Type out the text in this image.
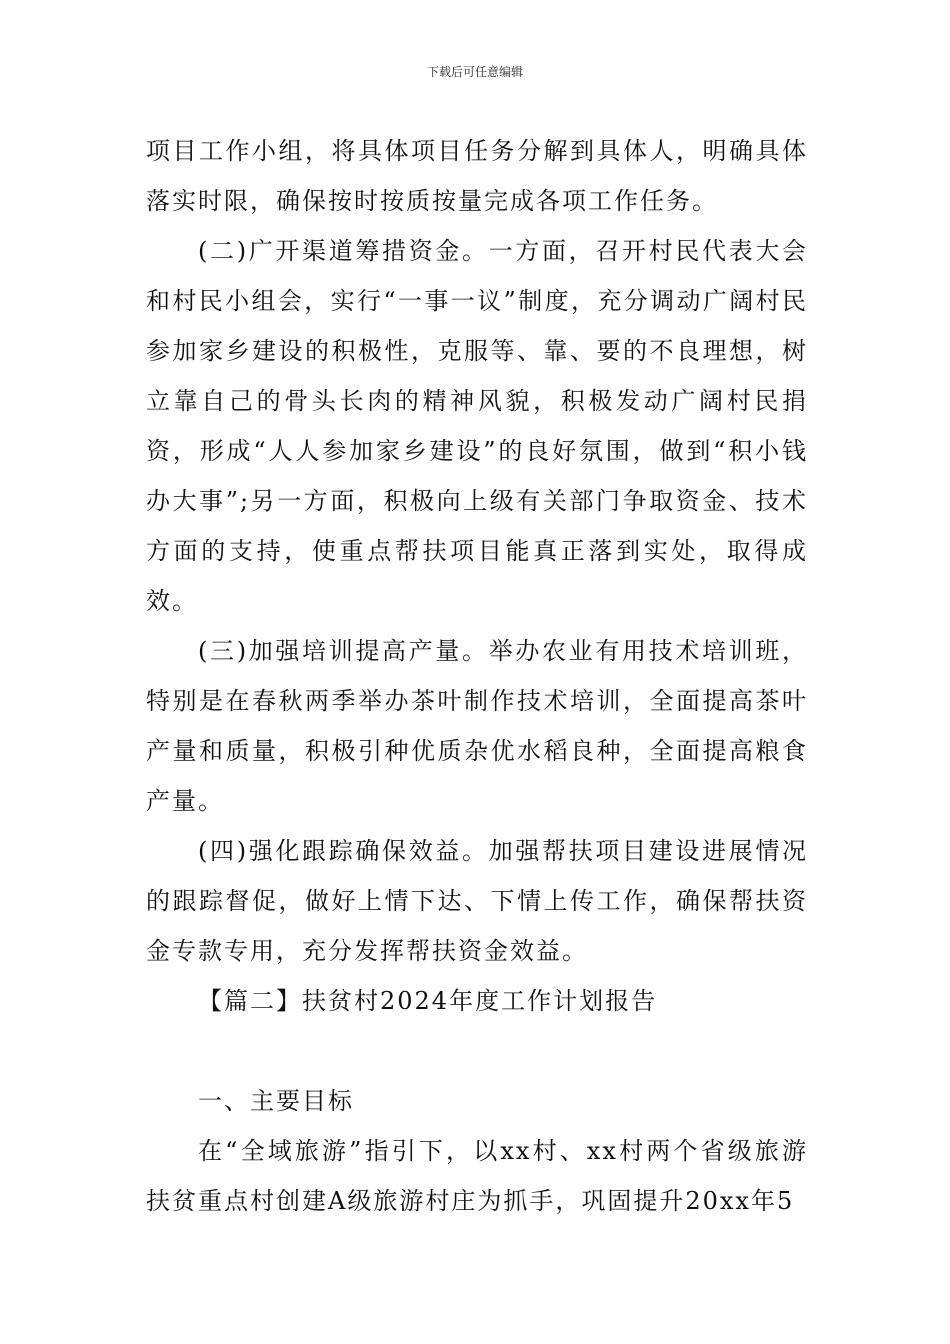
下载后可任意编辑

项目工作小组，将具体项目任务分解到具体人，明确具体落实时限，确保按时按质按量完成各项工作任务。

(二)广开渠道筹措资金。一方面，召开村民代表大会和村民小组会，实行“一事一议”制度，充分调动广阔村民参加家乡建设的积极性，克服等、靠、要的不良理想，树立靠自己的骨头长肉的精神风貌，积极发动广阔村民捐资，形成“人人参加家乡建设”的良好氛围，做到“积小钱办大事”;另一方面，积极向上级有关部门争取资金、技术方面的支持，使重点帮扶项目能真正落到实处，取得成效。

(三)加强培训提高产量。举办农业有用技术培训班，特别是在春秋两季举办茶叶制作技术培训，全面提高茶叶产量和质量，积极引种优质杂优水稻良种，全面提高粮食产量。

(四)强化跟踪确保效益。加强帮扶项目建设进展情况的跟踪督促，做好上情下达、下情上传工作，确保帮扶资金专款专用，充分发挥帮扶资金效益。

【篇二】扶贫村2024年度工作计划报告

一、主要目标

在“全域旅游”指引下，以xx村、xx村两个省级旅游扶贫重点村创建A级旅游村庄为抓手，巩固提升20xx年5
